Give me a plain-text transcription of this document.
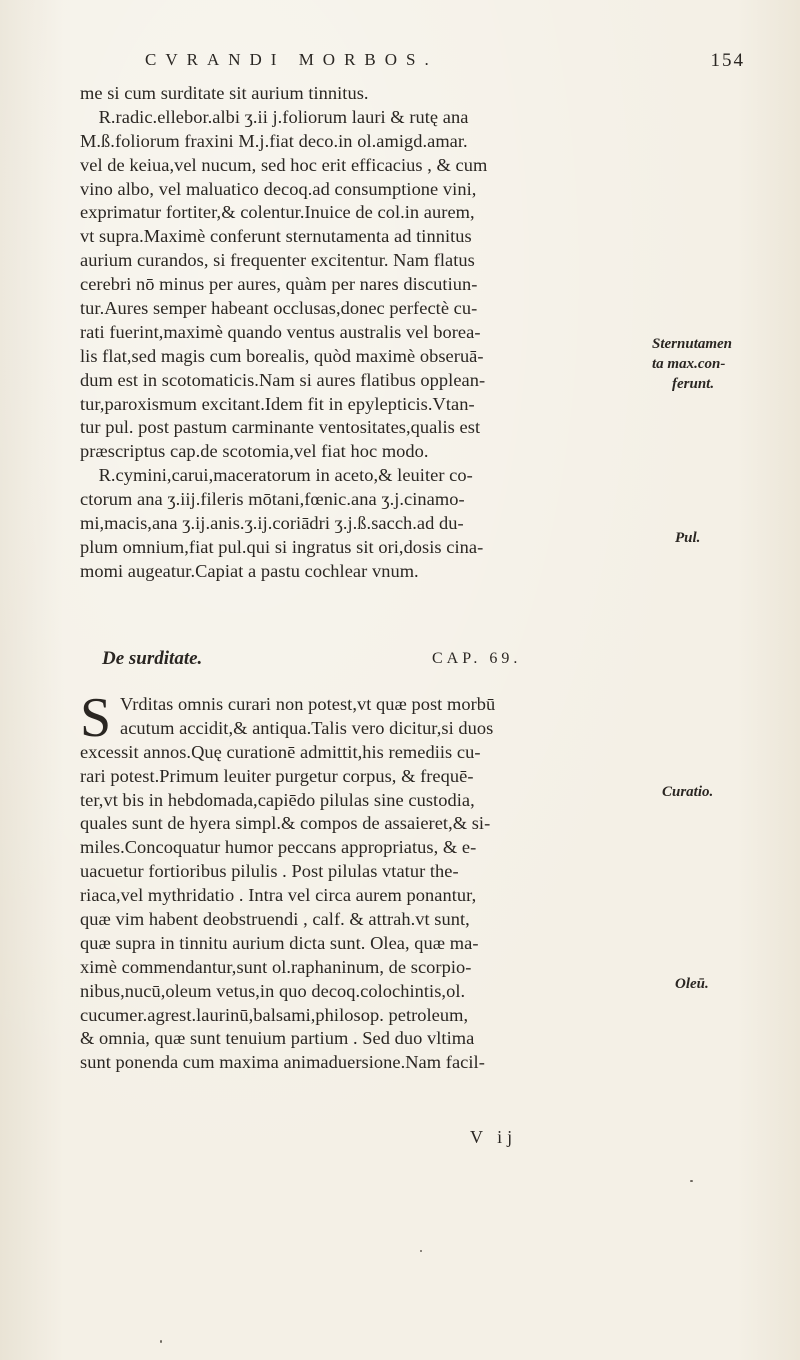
CVRANDI MORBOS.	154
me si cum surditate sit aurium tinnitus.
R.radic.ellebor.albi ʒ.ii j.foliorum lauri & rutę ana
M.ß.foliorum fraxini M.j.fiat deco.in ol.amigd.amar.
vel de keiua,vel nucum, sed hoc erit efficacius , & cum
vino albo, vel maluatico decoq.ad consumptione vini,
exprimatur fortiter,& colentur.Inuice de col.in aurem,
vt supra.Maximè conferunt sternutamenta ad tinnitus
aurium curandos, si frequenter excitentur. Nam flatus
cerebri nō minus per aures, quàm per nares discutiun-
tur.Aures semper habeant occlusas,donec perfectè cu-
rati fuerint,maximè quando ventus australis vel borea-
lis flat,sed magis cum borealis, quòd maximè obseruā-
dum est in scotomaticis.Nam si aures flatibus opplean-
tur,paroxismum excitant.Idem fit in epylepticis.Vtan-
tur pul. post pastum carminante ventositates,qualis est
præscriptus cap.de scotomia,vel fiat hoc modo.
R.cymini,carui,maceratorum in aceto,& leuiter co-
ctorum ana ʒ.iij.fileris mōtani,fœnic.ana ʒ.j.cinamo-
mi,macis,ana ʒ.ij.anis.ʒ.ij.coriādri ʒ.j.ß.sacch.ad du-
plum omnium,fiat pul.qui si ingratus sit ori,dosis cina-
momi augeatur.Capiat a pastu cochlear vnum.
De surditate.	CAP. 69.
S Vrditas omnis curari non potest,vt quæ post morbū
acutum accidit,& antiqua.Talis vero dicitur,si duos
excessit annos.Quę curationē admittit,his remediis cu-
rari potest.Primum leuiter purgetur corpus, & frequē-
ter,vt bis in hebdomada,capiēdo pilulas sine custodia,
quales sunt de hyera simpl.& compos de assaieret,& si-
miles.Concoquatur humor peccans appropriatus, & e-
uacuetur fortioribus pilulis . Post pilulas vtatur the-
riaca,vel mythridatio . Intra vel circa aurem ponantur,
quæ vim habent deobstruendi , calf. & attrah.vt sunt,
quæ supra in tinnitu aurium dicta sunt. Olea, quæ ma-
ximè commendantur,sunt ol.raphaninum, de scorpio-
nibus,nucū,oleum vetus,in quo decoq.colochintis,ol.
cucumer.agrest.laurinū,balsami,philosop. petroleum,
& omnia, quæ sunt tenuium partium . Sed duo vltima
sunt ponenda cum maxima animaduersione.Nam facil-
Sternutamen
ta max.con-
ferunt.
Pul.
Curatio.
Oleū.
V ij
